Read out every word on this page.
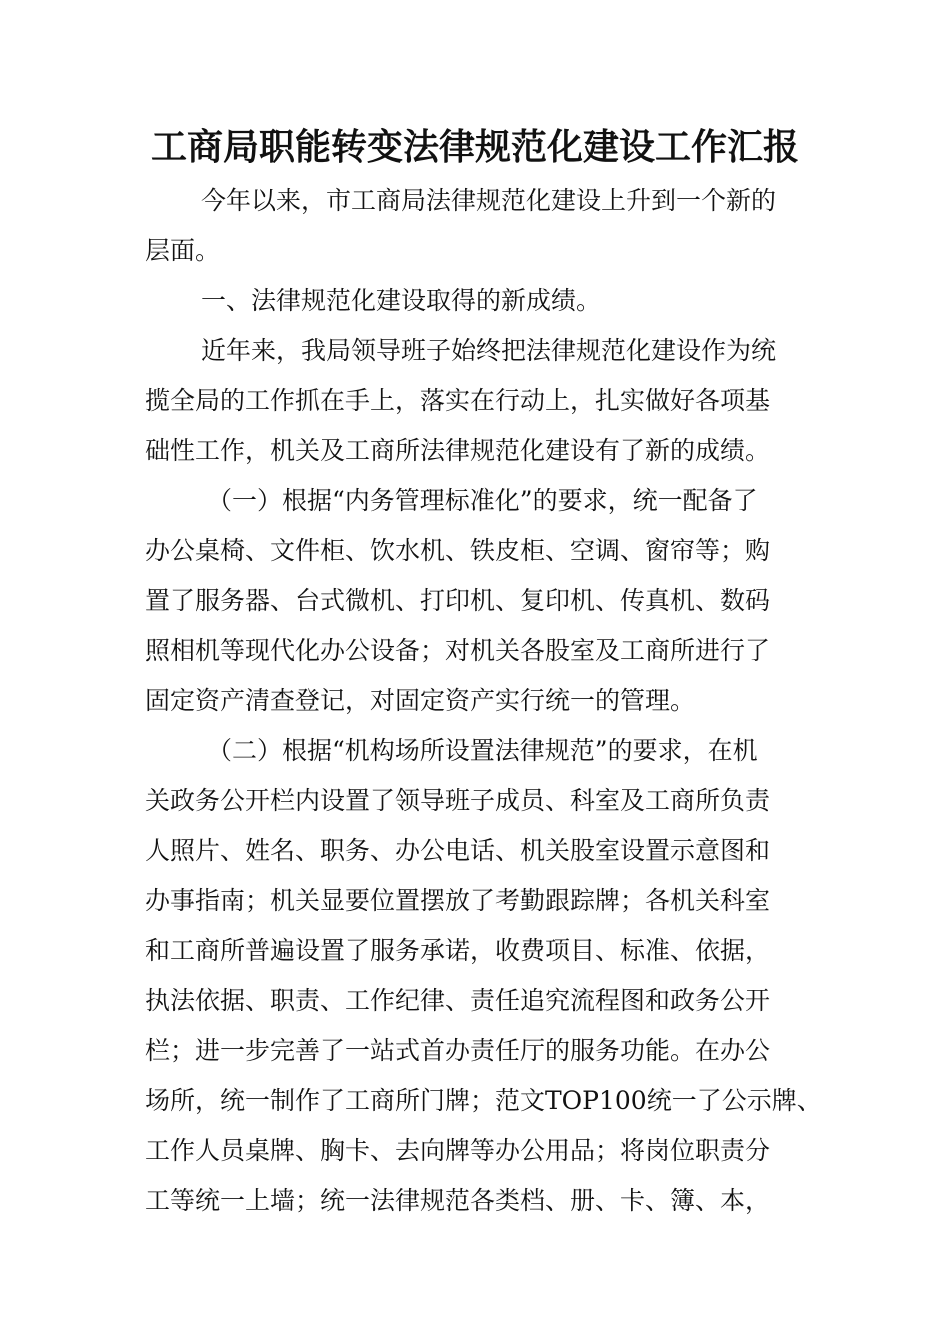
工商局职能转变法律规范化建设工作汇报
今年以来，市工商局法律规范化建设上升到一个新的
层面。
一、法律规范化建设取得的新成绩。
近年来，我局领导班子始终把法律规范化建设作为统
揽全局的工作抓在手上，落实在行动上，扎实做好各项基
础性工作，机关及工商所法律规范化建设有了新的成绩。
（一）根据“内务管理标准化”的要求，统一配备了
办公桌椅、文件柜、饮水机、铁皮柜、空调、窗帘等；购
置了服务器、台式微机、打印机、复印机、传真机、数码
照相机等现代化办公设备；对机关各股室及工商所进行了
固定资产清查登记，对固定资产实行统一的管理。
（二）根据“机构场所设置法律规范”的要求，在机
关政务公开栏内设置了领导班子成员、科室及工商所负责
人照片、姓名、职务、办公电话、机关股室设置示意图和
办事指南；机关显要位置摆放了考勤跟踪牌；各机关科室
和工商所普遍设置了服务承诺，收费项目、标准、依据，
执法依据、职责、工作纪律、责任追究流程图和政务公开
栏；进一步完善了一站式首办责任厅的服务功能。在办公
场所，统一制作了工商所门牌；范文TOP100统一了公示牌、
工作人员桌牌、胸卡、去向牌等办公用品；将岗位职责分
工等统一上墙；统一法律规范各类档、册、卡、簿、本，
